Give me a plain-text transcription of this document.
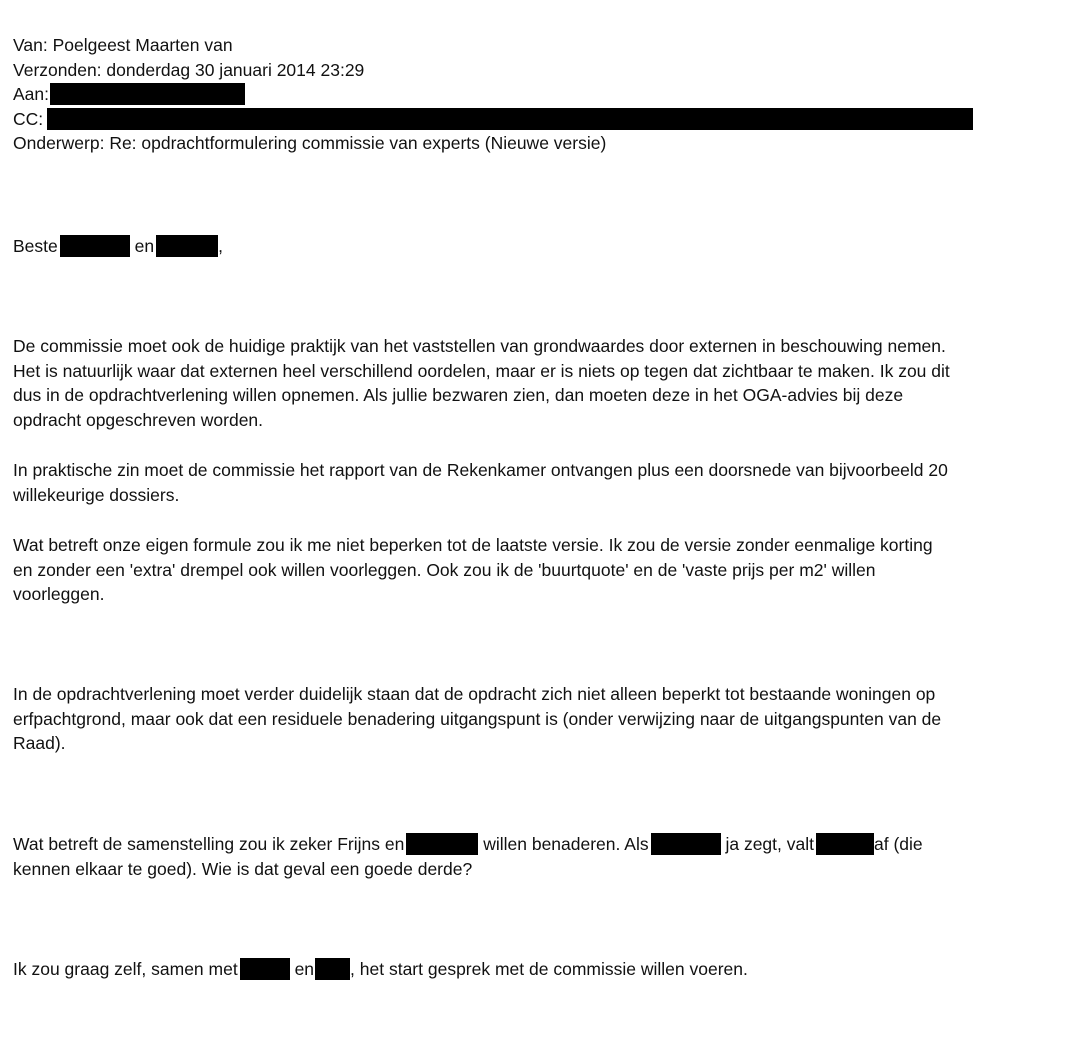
Van: Poelgeest Maarten van
Verzonden: donderdag 30 januari 2014 23:29
Aan:
CC:
Onderwerp: Re: opdrachtformulering commissie van experts (Nieuwe versie)
Beste	en	,
De commissie moet ook de huidige praktijk van het vaststellen van grondwaardes door externen in beschouwing nemen.
Het is natuurlijk waar dat externen heel verschillend oordelen, maar er is niets op tegen dat zichtbaar te maken. Ik zou dit
dus in de opdrachtverlening willen opnemen. Als jullie bezwaren zien, dan moeten deze in het OGA-advies bij deze
opdracht opgeschreven worden.
In praktische zin moet de commissie het rapport van de Rekenkamer ontvangen plus een doorsnede van bijvoorbeeld 20
willekeurige dossiers.
Wat betreft onze eigen formule zou ik me niet beperken tot de laatste versie. Ik zou de versie zonder eenmalige korting
en zonder een 'extra' drempel ook willen voorleggen. Ook zou ik de 'buurtquote' en de 'vaste prijs per m2' willen
voorleggen.
In de opdrachtverlening moet verder duidelijk staan dat de opdracht zich niet alleen beperkt tot bestaande woningen op
erfpachtgrond, maar ook dat een residuele benadering uitgangspunt is (onder verwijzing naar de uitgangspunten van de
Raad).
Wat betreft de samenstelling zou ik zeker Frijns en	willen benaderen. Als	ja zegt, valt	af (die
kennen elkaar te goed). Wie is dat geval een goede derde?
Ik zou graag zelf, samen met	en , het start gesprek met de commissie willen voeren.
